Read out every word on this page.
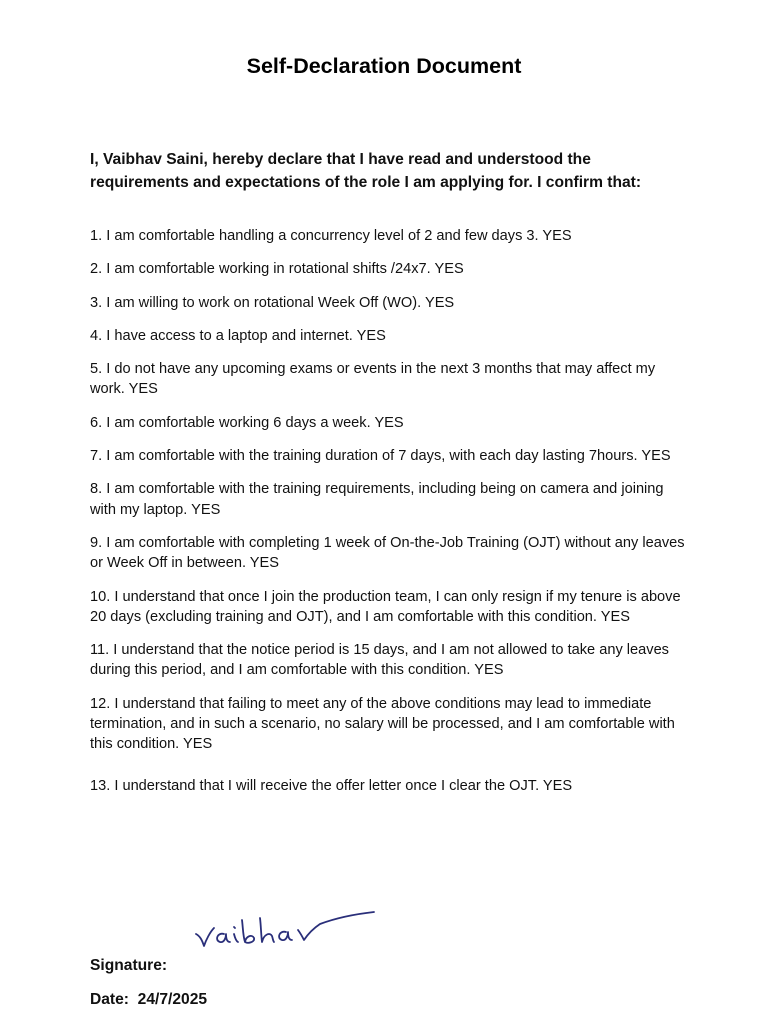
Self-Declaration Document
I, Vaibhav Saini, hereby declare that I have read and understood the requirements and expectations of the role I am applying for. I confirm that:
1. I am comfortable handling a concurrency level of 2 and few days 3. YES
2. I am comfortable working in rotational shifts /24x7. YES
3. I am willing to work on rotational Week Off (WO). YES
4. I have access to a laptop and internet. YES
5. I do not have any upcoming exams or events in the next 3 months that may affect my work. YES
6. I am comfortable working 6 days a week. YES
7. I am comfortable with the training duration of 7 days, with each day lasting 7hours. YES
8. I am comfortable with the training requirements, including being on camera and joining with my laptop. YES
9. I am comfortable with completing 1 week of On-the-Job Training (OJT) without any leaves or Week Off in between. YES
10. I understand that once I join the production team, I can only resign if my tenure is above 20 days (excluding training and OJT), and I am comfortable with this condition. YES
11. I understand that the notice period is 15 days, and I am not allowed to take any leaves during this period, and I am comfortable with this condition. YES
12. I understand that failing to meet any of the above conditions may lead to immediate termination, and in such a scenario, no salary will be processed, and I am comfortable with this condition. YES
13. I understand that I will receive the offer letter once I clear the OJT. YES
Signature:
Date: 24/7/2025
